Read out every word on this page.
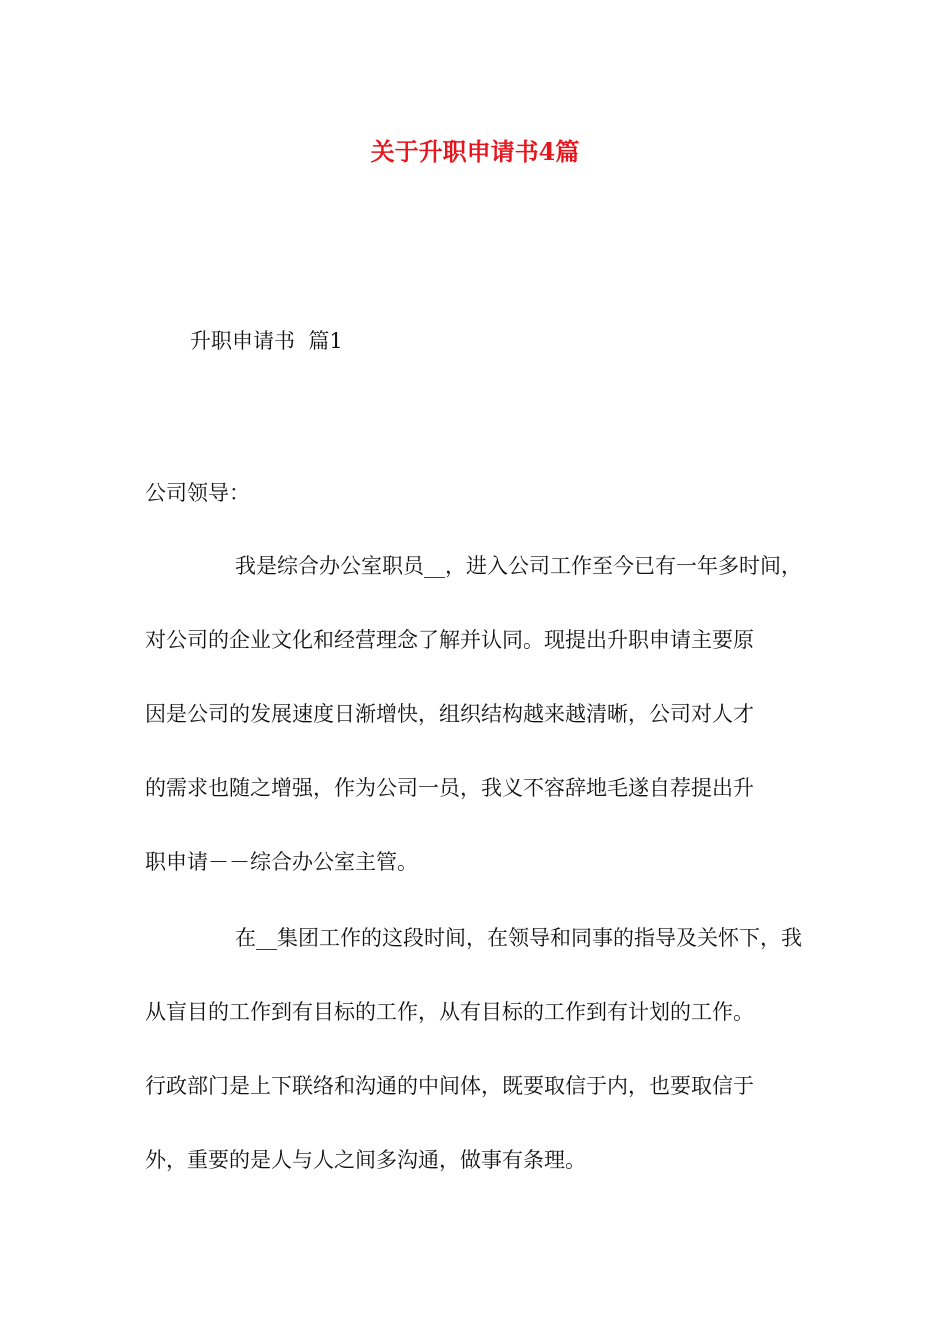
关于升职申请书4篇
升职申请书  篇1
公司领导：
我是综合办公室职员__，进入公司工作至今已有一年多时间，
对公司的企业文化和经营理念了解并认同。现提出升职申请主要原
因是公司的发展速度日渐增快，组织结构越来越清晰，公司对人才
的需求也随之增强，作为公司一员，我义不容辞地毛遂自荐提出升
职申请－－综合办公室主管。
在__集团工作的这段时间，在领导和同事的指导及关怀下，我
从盲目的工作到有目标的工作，从有目标的工作到有计划的工作。
行政部门是上下联络和沟通的中间体，既要取信于内，也要取信于
外，重要的是人与人之间多沟通，做事有条理。
